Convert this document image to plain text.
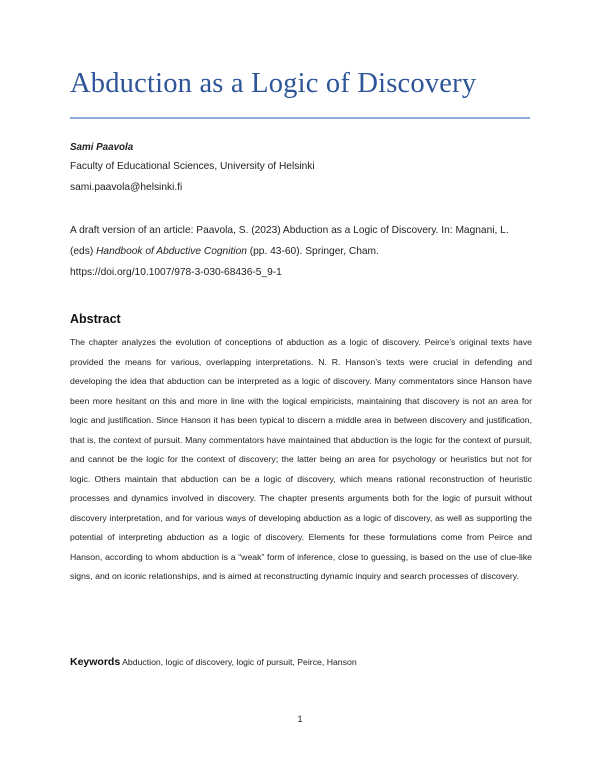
Abduction as a Logic of Discovery
Sami Paavola
Faculty of Educational Sciences, University of Helsinki
sami.paavola@helsinki.fi
A draft version of an article: Paavola, S. (2023) Abduction as a Logic of Discovery. In: Magnani, L.
(eds) Handbook of Abductive Cognition (pp. 43-60). Springer, Cham.
https://doi.org/10.1007/978-3-030-68436-5_9-1
Abstract

The chapter analyzes the evolution of conceptions of abduction as a logic of discovery. Peirce’s original texts have provided the means for various, overlapping interpretations. N. R. Hanson’s texts were crucial in defending and developing the idea that abduction can be interpreted as a logic of discovery. Many commentators since Hanson have been more hesitant on this and more in line with the logical empiricists, maintaining that discovery is not an area for logic and justification. Since Hanson it has been typical to discern a middle area in between discovery and justification, that is, the context of pursuit. Many commentators have maintained that abduction is the logic for the context of pursuit, and cannot be the logic for the context of discovery; the latter being an area for psychology or heuristics but not for logic. Others maintain that abduction can be a logic of discovery, which means rational reconstruction of heuristic processes and dynamics involved in discovery. The chapter presents arguments both for the logic of pursuit without discovery interpretation, and for various ways of developing abduction as a logic of discovery, as well as supporting the potential of interpreting abduction as a logic of discovery. Elements for these formulations come from Peirce and Hanson, according to whom abduction is a “weak” form of inference, close to guessing, is based on the use of clue-like signs, and on iconic relationships, and is aimed at reconstructing dynamic inquiry and search processes of discovery.

Keywords Abduction, logic of discovery, logic of pursuit, Peirce, Hanson
1
